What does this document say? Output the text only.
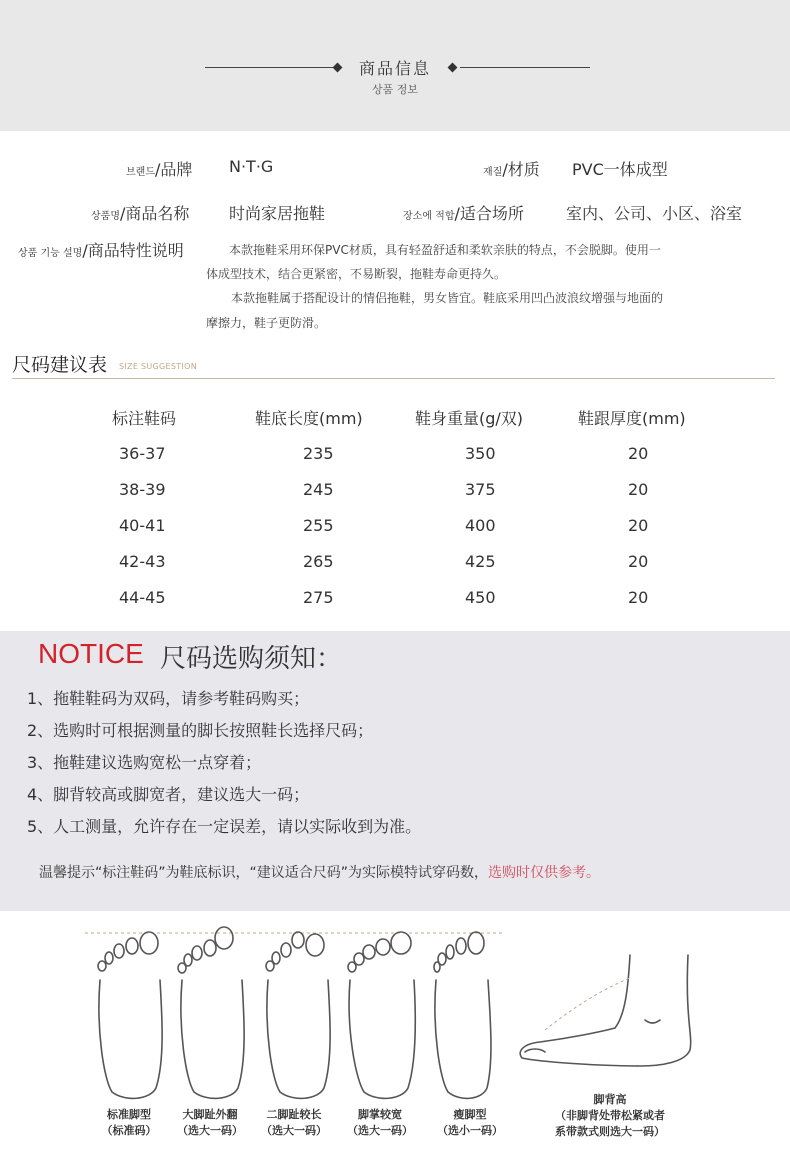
商品信息
상품 정보
브랜드/品牌 N·T·G	재질/材质 PVC一体成型
상품명/商品名称 时尚家居拖鞋	장소에 적합/适合场所	室内、公司、小区、浴室
상품 기능 설명/商品特性说明	本款拖鞋采用环保PVC材质，具有轻盈舒适和柔软亲肤的特点，不会脱脚。使用一
体成型技术，结合更紧密，不易断裂，拖鞋寿命更持久。
本款拖鞋属于搭配设计的情侣拖鞋，男女皆宜。鞋底采用凹凸波浪纹增强与地面的
摩擦力，鞋子更防滑。
尺码建议表 SIZE SUGGESTION
标注鞋码	鞋底长度(mm)	鞋身重量(g/双)	鞋跟厚度(mm)
36-37	235	350	20
38-39	245	375	20
40-41	255	400	20
42-43	265	425	20
44-45	275	450	20
NOTICE 尺码选购须知：
1、拖鞋鞋码为双码，请参考鞋码购买；
2、选购时可根据测量的脚长按照鞋长选择尺码；
3、拖鞋建议选购宽松一点穿着；
4、脚背较高或脚宽者，建议选大一码；
5、人工测量，允许存在一定误差，请以实际收到为准。
温馨提示“标注鞋码”为鞋底标识，“建议适合尺码”为实际模特试穿码数，选购时仅供参考。
标准脚型
（标准码）
大脚趾外翻
（选大一码）
二脚趾较长
（选大一码）
脚掌较宽
（选大一码）
瘦脚型
（选小一码）
脚背高
（非脚背处带松紧或者
系带款式则选大一码）
